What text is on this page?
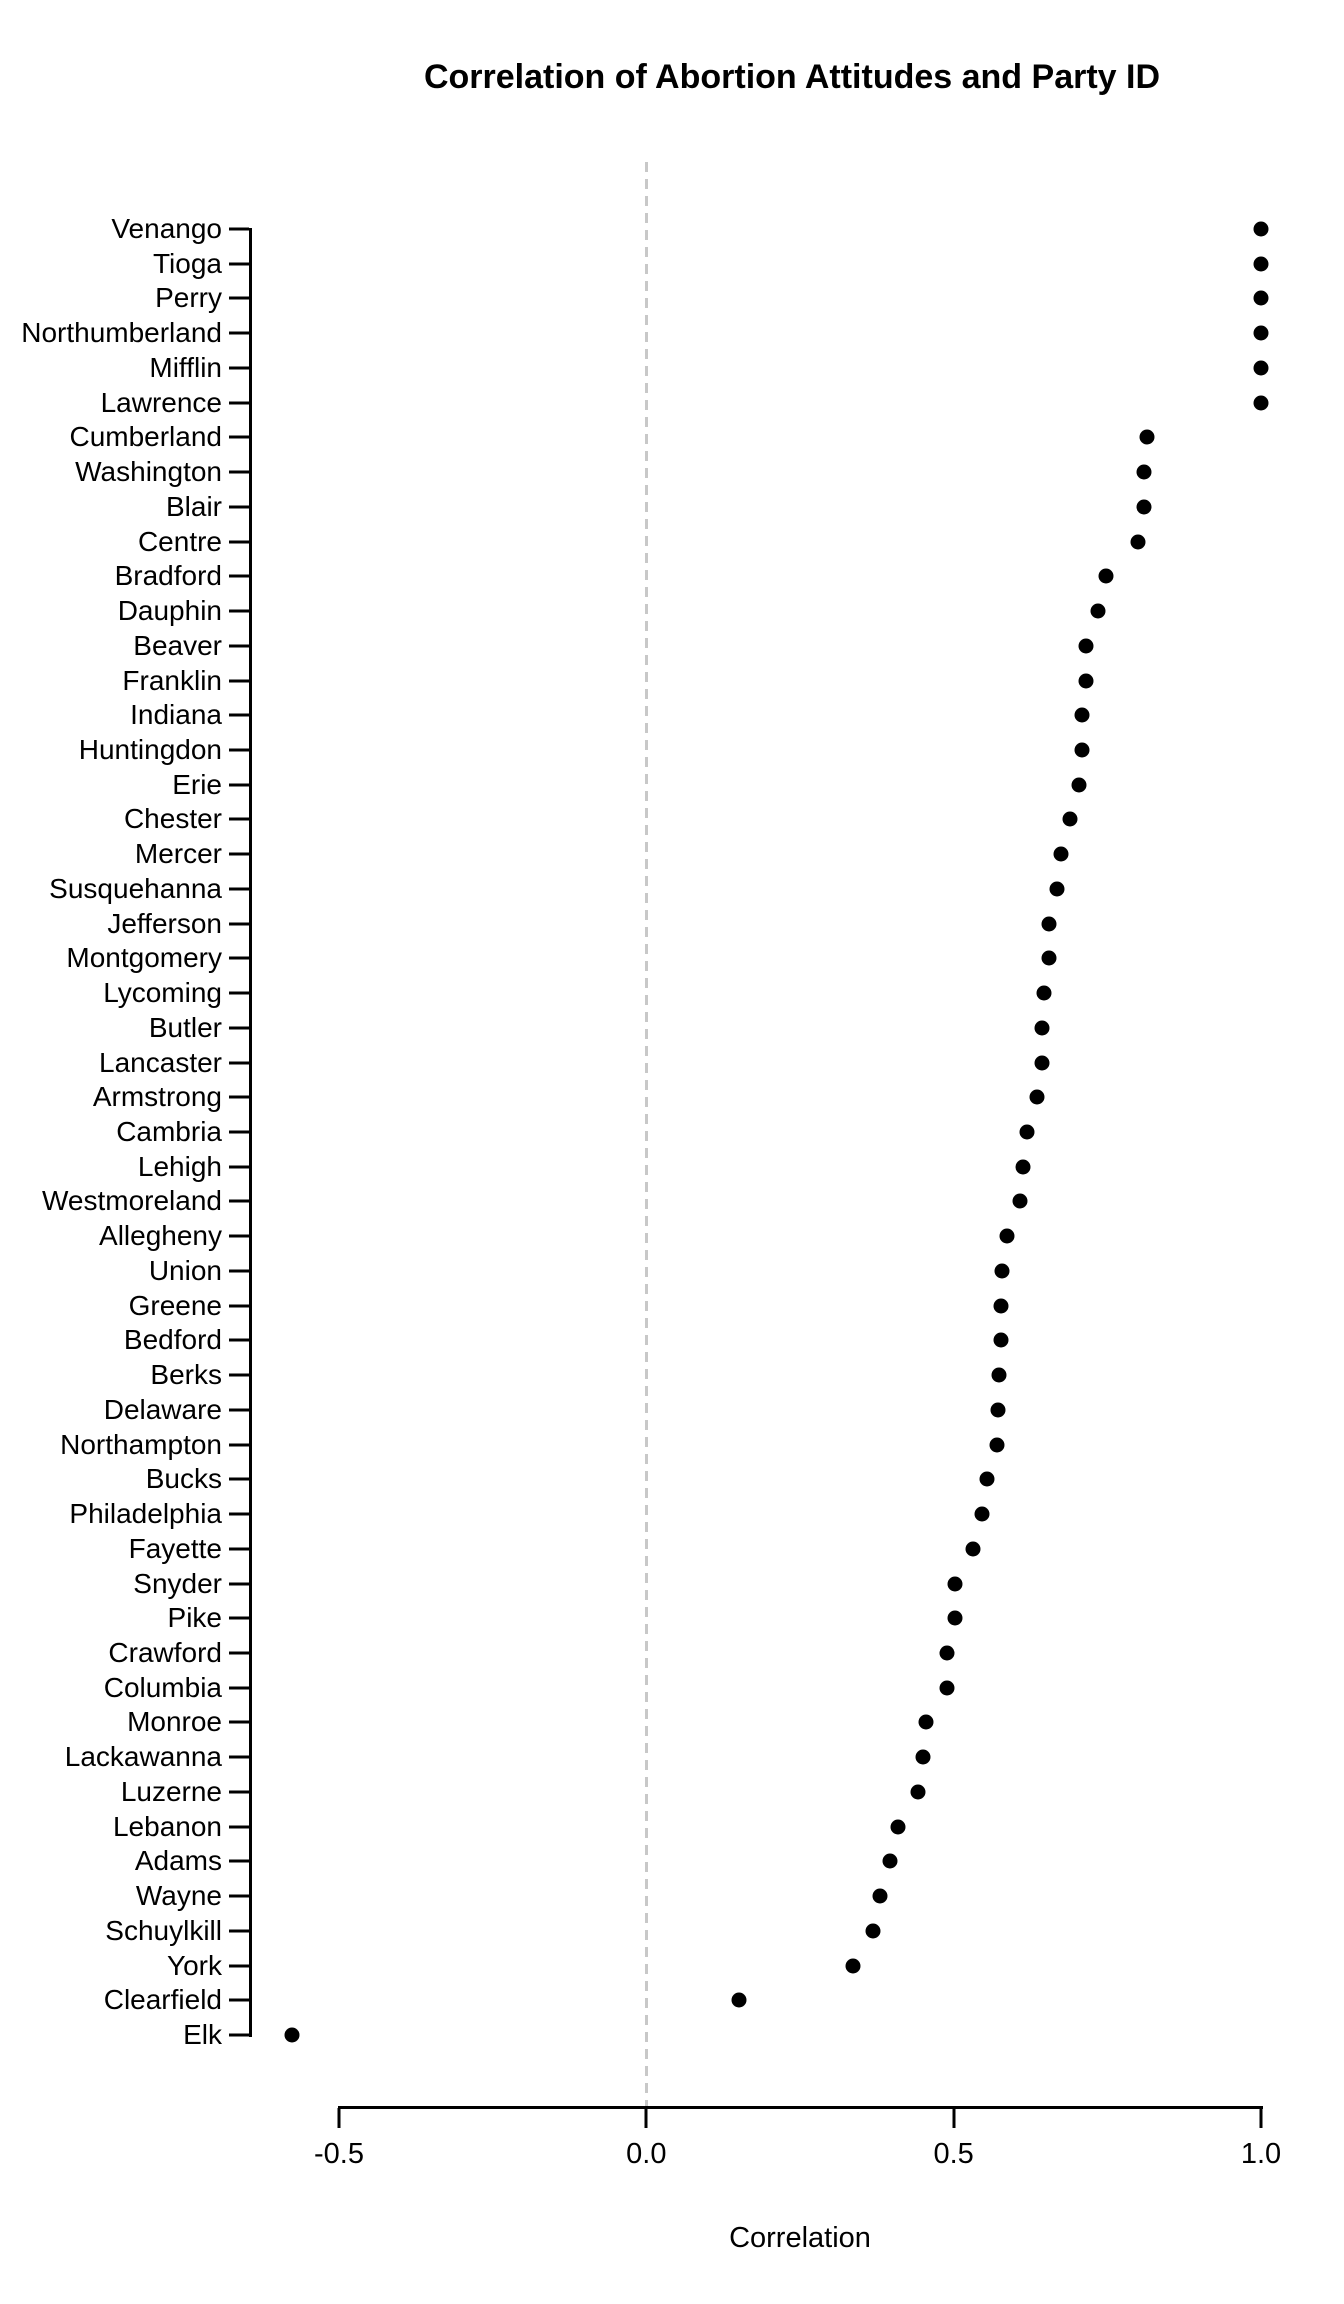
Correlation of Abortion Attitudes and Party ID
Venango
Tioga
Perry
Northumberland
Mifflin
Lawrence
Cumberland
Washington
Blair
Centre
Bradford
Dauphin
Beaver
Franklin
Indiana
Huntingdon
Erie
Chester
Mercer
Susquehanna
Jefferson
Montgomery
Lycoming
Butler
Lancaster
Armstrong
Cambria
Lehigh
Westmoreland
Allegheny
Union
Greene
Bedford
Berks
Delaware
Northampton
Bucks
Philadelphia
Fayette
Snyder
Pike
Crawford
Columbia
Monroe
Lackawanna
Luzerne
Lebanon
Adams
Wayne
Schuylkill
York
Clearfield
Elk
-0.5	0.0	0.5	1.0
Correlation
